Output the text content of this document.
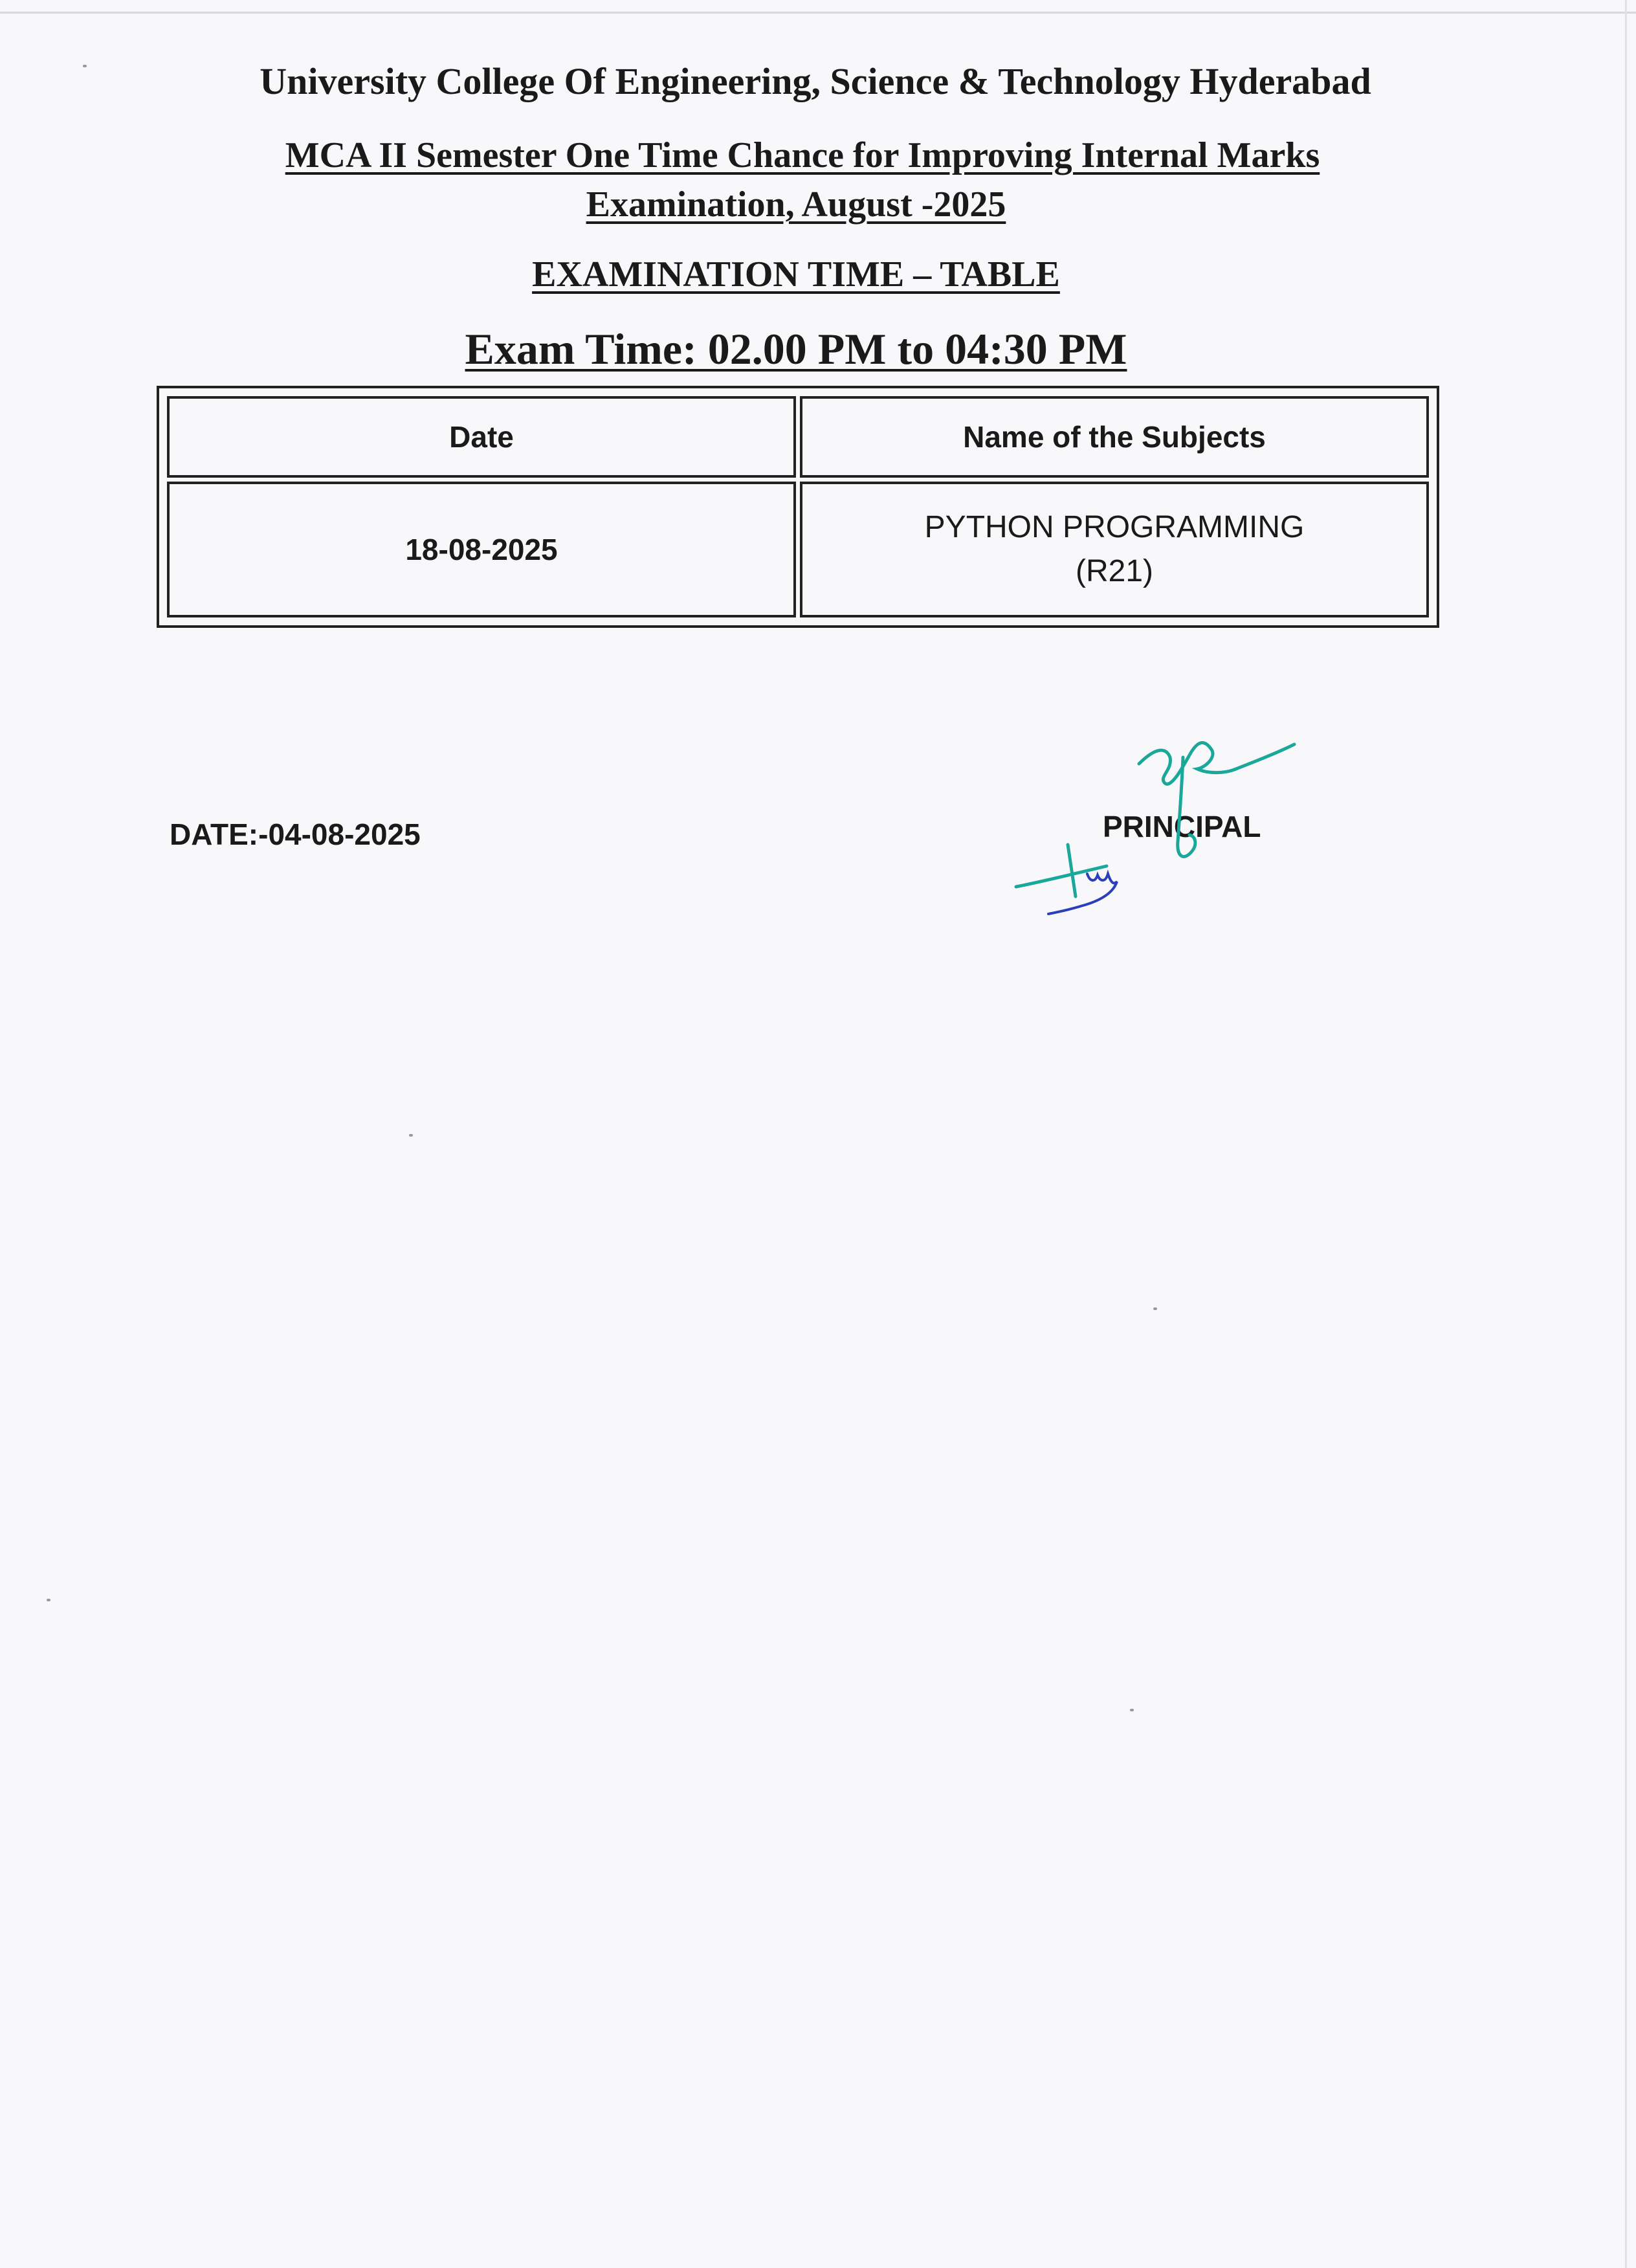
University College Of Engineering, Science & Technology Hyderabad
MCA II Semester One Time Chance for Improving Internal Marks
Examination, August -2025
EXAMINATION TIME – TABLE
Exam Time: 02.00 PM to 04:30 PM
Date	Name of the Subjects
18-08-2025	PYTHON PROGRAMMING
(R21)
DATE:-04-08-2025	PRINCIPAL
